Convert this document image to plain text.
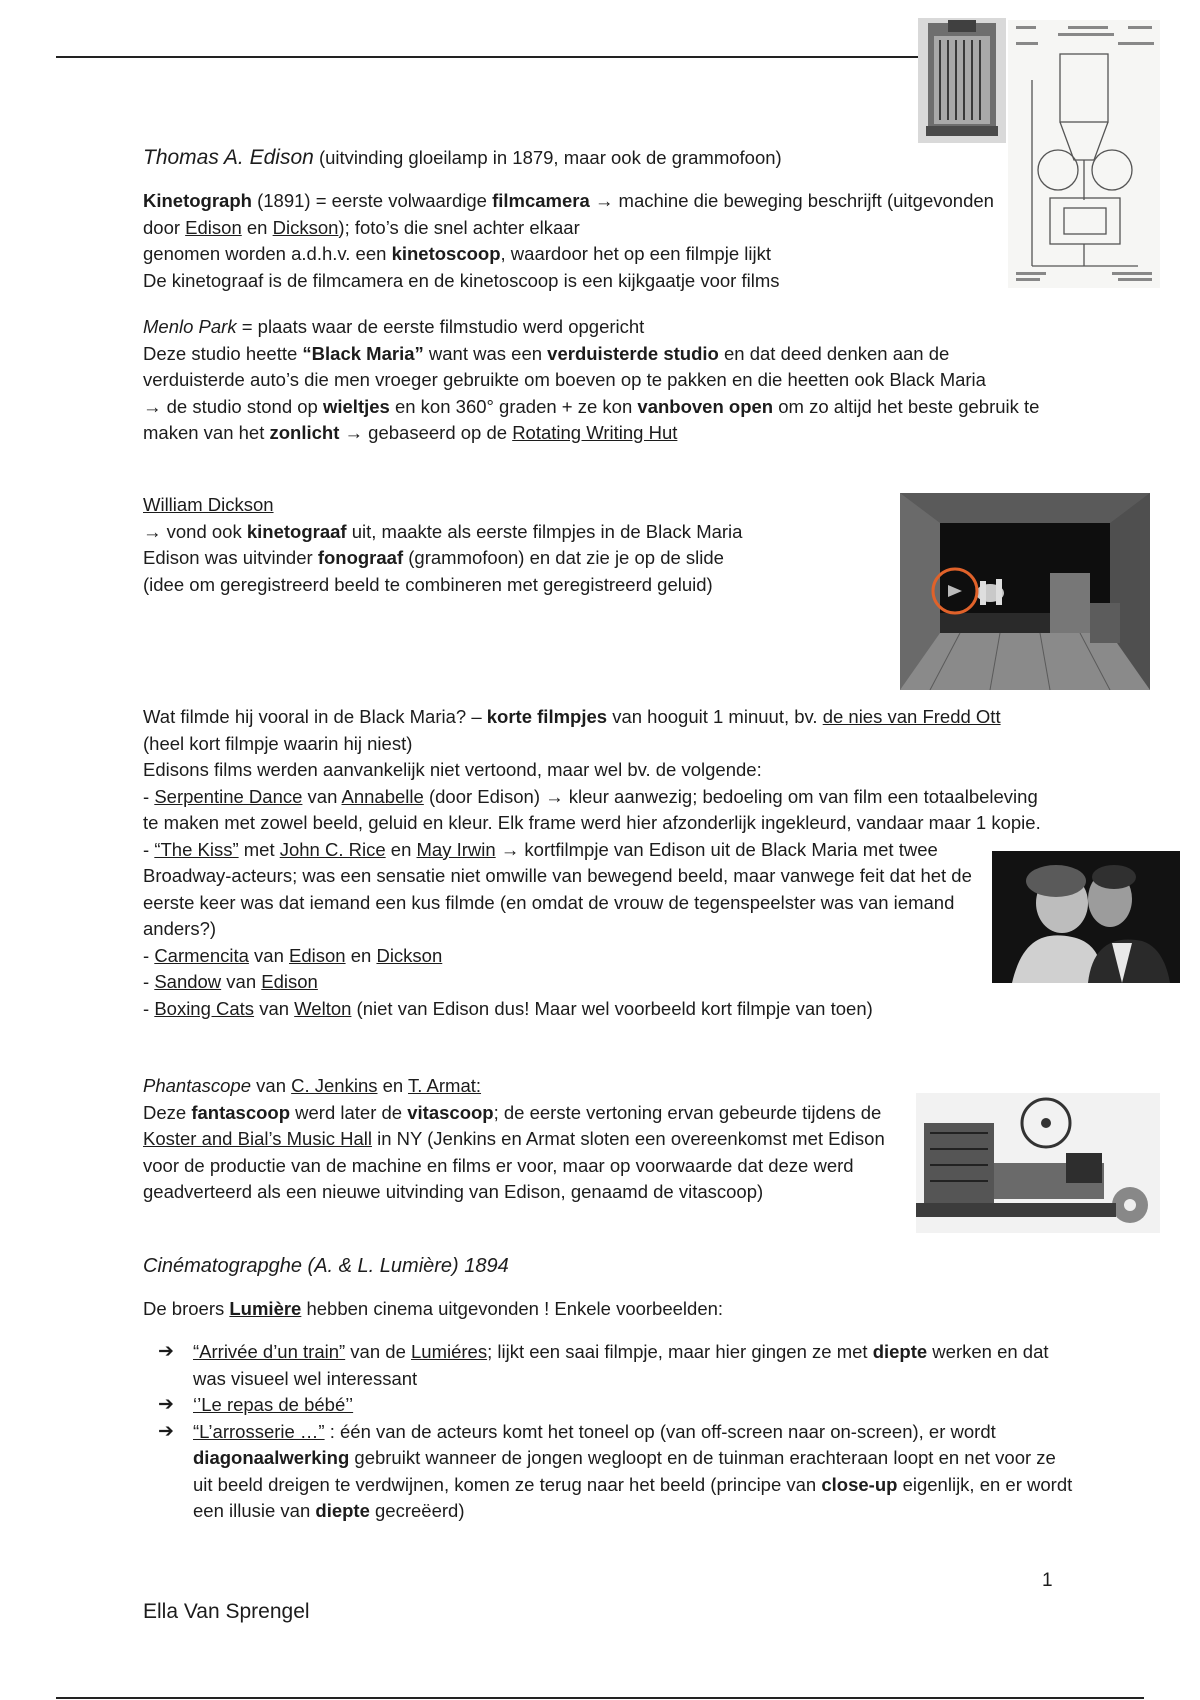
Thomas A. Edison (uitvinding gloeilamp in 1879, maar ook de grammofoon)

Kinetograph (1891) = eerste volwaardige filmcamera → machine die beweging beschrijft (uitgevonden door Edison en Dickson); foto’s die snel achter elkaar

genomen worden a.d.h.v. een kinetoscoop, waardoor het op een filmpje lijkt

De kinetograaf is de filmcamera en de kinetoscoop is een kijkgaatje voor films

Menlo Park = plaats waar de eerste filmstudio werd opgericht

Deze studio heette “Black Maria” want was een verduisterde studio en dat deed denken aan de verduisterde auto’s die men vroeger gebruikte om boeven op te pakken en die heetten ook Black Maria

→ de studio stond op wieltjes en kon 360° graden + ze kon vanboven open om zo altijd het beste gebruik te maken van het zonlicht → gebaseerd op de Rotating Writing Hut

William Dickson

→ vond ook kinetograaf uit, maakte als eerste filmpjes in de Black Maria

Edison was uitvinder fonograaf (grammofoon) en dat zie je op de slide

(idee om geregistreerd beeld te combineren met geregistreerd geluid)

Wat filmde hij vooral in de Black Maria? – korte filmpjes van hooguit 1 minuut, bv. de nies van Fredd Ott (heel kort filmpje waarin hij niest)

Edisons films werden aanvankelijk niet vertoond, maar wel bv. de volgende:

- Serpentine Dance van Annabelle (door Edison) → kleur aanwezig; bedoeling om van film een totaalbeleving te maken met zowel beeld, geluid en kleur. Elk frame werd hier afzonderlijk ingekleurd, vandaar maar 1 kopie.

- “The Kiss” met John C. Rice en May Irwin → kortfilmpje van Edison uit de Black Maria met twee Broadway-acteurs; was een sensatie niet omwille van bewegend beeld, maar vanwege feit dat het de eerste keer was dat iemand een kus filmde (en omdat de vrouw de tegenspeelster was van iemand anders?)

- Carmencita van Edison en Dickson

- Sandow van Edison

- Boxing Cats van Welton (niet van Edison dus! Maar wel voorbeeld kort filmpje van toen)

Phantascope van C. Jenkins en T. Armat:

Deze fantascoop werd later de vitascoop; de eerste vertoning ervan gebeurde tijdens de Koster and Bial’s Music Hall in NY (Jenkins en Armat sloten een overeenkomst met Edison voor de productie van de machine en films er voor, maar op voorwaarde dat deze werd geadverteerd als een nieuwe uitvinding van Edison, genaamd de vitascoop)

Cinématograpghe (A. & L. Lumière) 1894

De broers Lumière hebben cinema uitgevonden ! Enkele voorbeelden:

➔	“Arrivée d’un train” van de Lumiéres; lijkt een saai filmpje, maar hier gingen ze met diepte werken en dat was visueel wel interessant

➔	‘’Le repas de bébé’’

➔	“L’arrosserie …” : één van de acteurs komt het toneel op (van off-screen naar on-screen), er wordt diagonaalwerking gebruikt wanneer de jongen wegloopt en de tuinman erachteraan loopt en net voor ze uit beeld dreigen te verdwijnen, komen ze terug naar het beeld (principe van close-up eigenlijk, en er wordt een illusie van diepte gecreëerd)

1
Ella Van Sprengel
